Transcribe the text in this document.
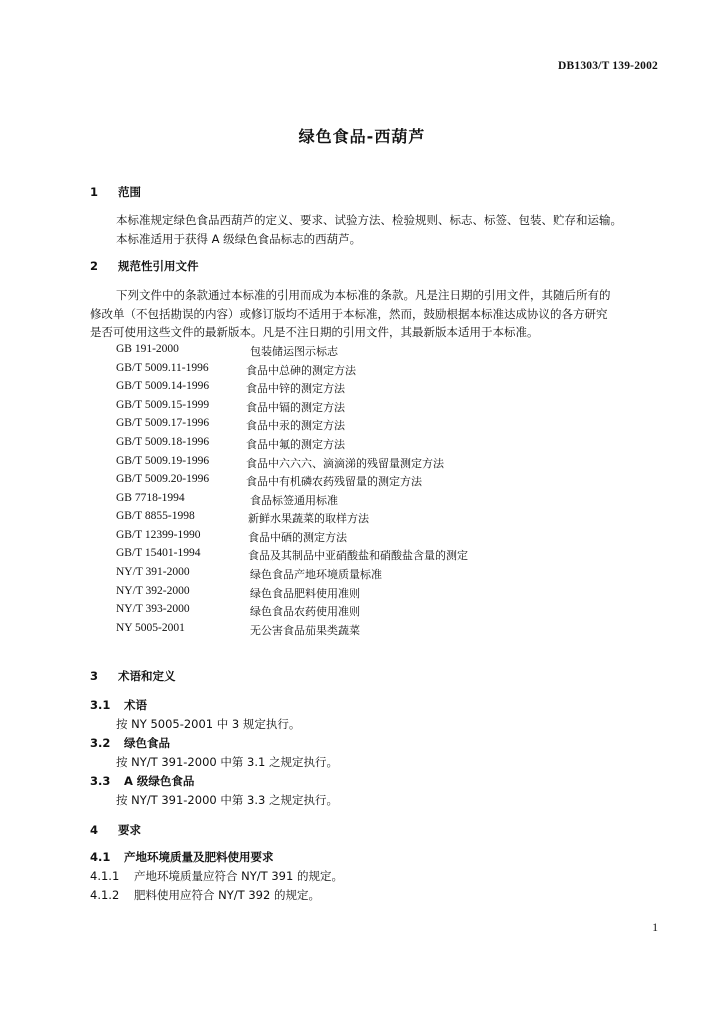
DB1303/T 139-2002
绿色食品-西葫芦
1 范围
本标准规定绿色食品西葫芦的定义、要求、试验方法、检验规则、标志、标签、包装、贮存和运输。
本标准适用于获得 A 级绿色食品标志的西葫芦。
2 规范性引用文件
下列文件中的条款通过本标准的引用而成为本标准的条款。凡是注日期的引用文件，其随后所有的
修改单（不包括勘误的内容）或修订版均不适用于本标准，然而，鼓励根据本标准达成协议的各方研究
是否可使用这些文件的最新版本。凡是不注日期的引用文件，其最新版本适用于本标准。
GB 191-2000	包装储运图示标志
GB/T 5009.11-1996	食品中总砷的测定方法
GB/T 5009.14-1996	食品中锌的测定方法
GB/T 5009.15-1999	食品中镉的测定方法
GB/T 5009.17-1996	食品中汞的测定方法
GB/T 5009.18-1996	食品中氟的测定方法
GB/T 5009.19-1996	食品中六六六、滴滴涕的残留量测定方法
GB/T 5009.20-1996	食品中有机磷农药残留量的测定方法
GB 7718-1994	食品标签通用标准
GB/T 8855-1998	新鲜水果蔬菜的取样方法
GB/T 12399-1990	食品中硒的测定方法
GB/T 15401-1994	食品及其制品中亚硝酸盐和硝酸盐含量的测定
NY/T 391-2000	绿色食品产地环境质量标准
NY/T 392-2000	绿色食品肥料使用准则
NY/T 393-2000	绿色食品农药使用准则
NY 5005-2001	无公害食品茄果类蔬菜
3 术语和定义
3.1 术语
按 NY 5005-2001 中 3 规定执行。
3.2 绿色食品
按 NY/T 391-2000 中第 3.1 之规定执行。
3.3 A 级绿色食品
按 NY/T 391-2000 中第 3.3 之规定执行。
4 要求
4.1 产地环境质量及肥料使用要求
4.1.1 产地环境质量应符合 NY/T 391 的规定。
4.1.2 肥料使用应符合 NY/T 392 的规定。
1
